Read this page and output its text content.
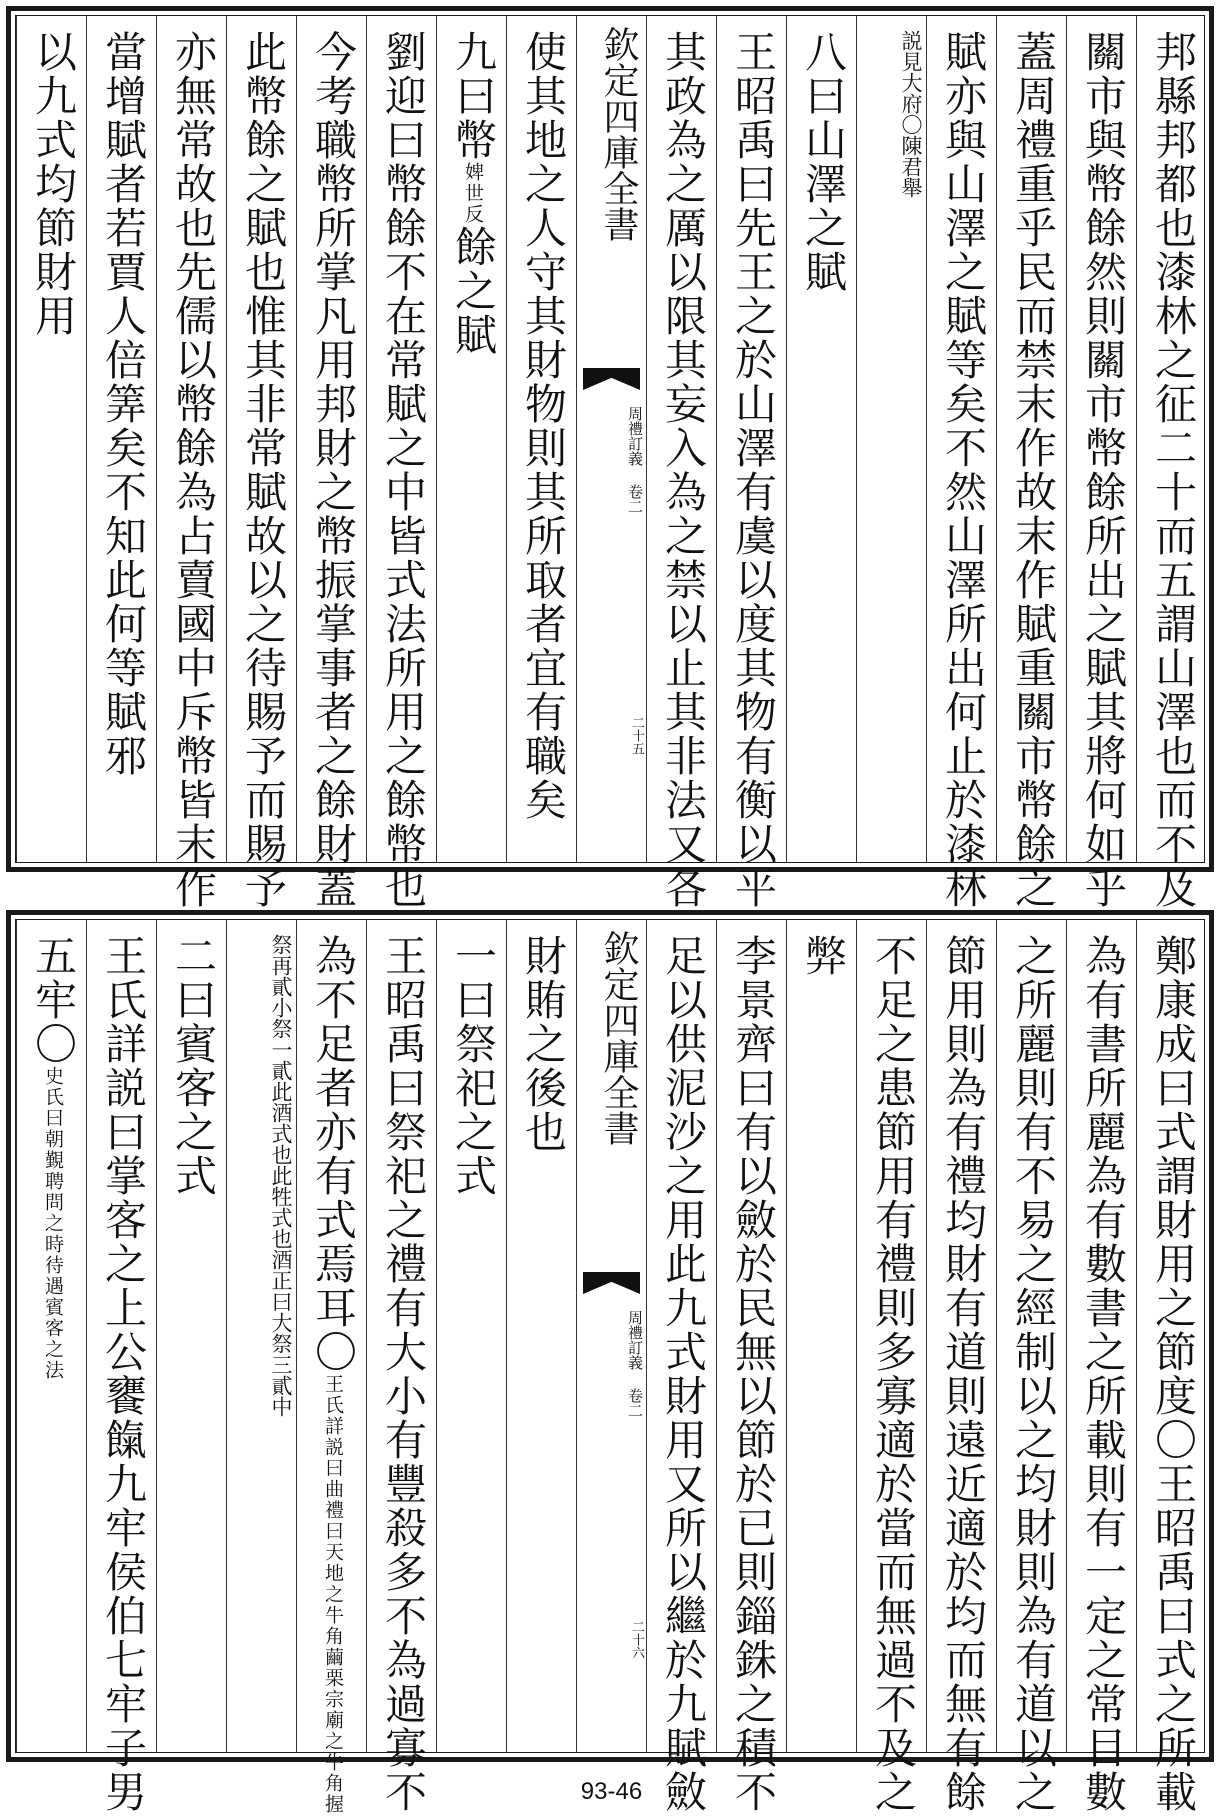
邦縣邦都也漆林之征二十而五謂山澤也而不及
關市與幣餘然則關市幣餘所出之賦其將何如乎
蓋周禮重乎民而禁末作故末作賦重關市幣餘之
賦亦與山澤之賦等矣不然山澤所出何止於漆林
〇陳君舉
説見大府
八曰山澤之賦
王昭禹曰先王之於山澤有虞以度其物有衡以平
其政為之厲以限其妄入為之禁以止其非法又各
欽定四庫全書
周禮訂義 卷二
二十五
使其地之人守其財物則其所取者宜有職矣
九曰幣婢世反餘之賦
劉迎曰幣餘不在常賦之中皆式法所用之餘幣也
今考職幣所掌凡用邦財之幣振掌事者之餘財蓋
此幣餘之賦也惟其非常賦故以之待賜予而賜予
亦無常故也先儒以幣餘為占賣國中斥幣皆末作
當增賦者若賈人倍筭矣不知此何等賦邪
以九式均節財用
鄭康成曰式謂財用之節度〇王昭禹曰式之所載
為有書所麗為有數書之所載則有一定之常目數
之所麗則有不易之經制以之均財則為有道以之
節用則為有禮均財有道則遠近適於均而無有餘
不足之患節用有禮則多寡適於當而無過不及之
弊
李景齊曰有以斂於民無以節於已則錙銖之積不
足以供泥沙之用此九式財用又所以繼於九賦斂
欽定四庫全書
周禮訂義 卷二
二十六
財賄之後也
一曰祭祀之式
王昭禹曰祭祀之禮有大小有豐殺多不為過寡不
為不足者亦有式焉耳〇王氏詳説曰曲禮曰天地之牛角繭栗宗廟之牛角握
此牲式也酒正曰大祭三貳中
祭再貳小祭一貳此酒式也
二曰賓客之式
王氏詳説曰掌客之上公饔餼九牢侯伯七牢子男
五牢〇史氏曰朝覲聘問之時待遇賓客之法
93-46
